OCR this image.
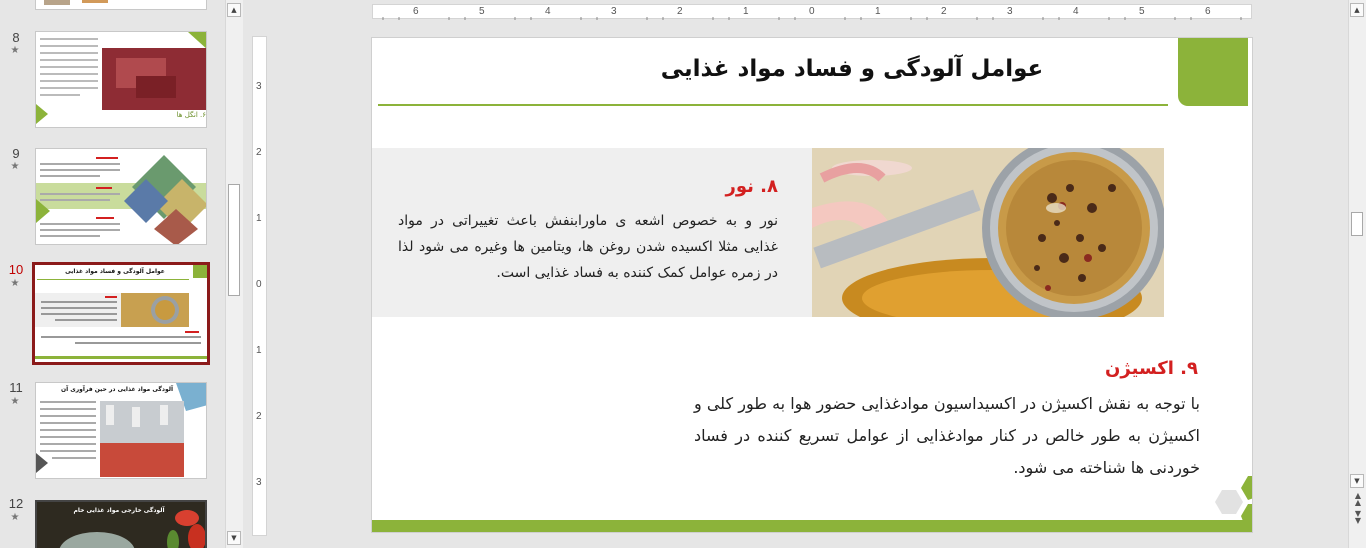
8
★
۶. انگل ها
9
★
10
★
عوامل آلودگی و فساد مواد غذایی
11
★
آلودگی مواد غذایی در حین فرآوری آن
12
★
آلودگی خارجی مواد غذایی خام
▲
▼
6	5	4	3	2	1	0	1	2	3	4	5	6
3
2
1
0
1
2
3
عوامل آلودگی و فساد مواد غذایی
۸. نور
نور و به خصوص اشعه ی ماورابنفش باعث تغییراتی در مواد غذایی مثلا اکسیده شدن روغن ها، ویتامین ها وغیره می شود لذا در زمره عوامل کمک کننده به فساد غذایی است.
۹. اکسیژن
با توجه به نقش اکسیژن در اکسیداسیون موادغذایی حضور هوا به طور کلی و اکسیژن به طور خالص در کنار موادغذایی از عوامل تسریع کننده در فساد خوردنی ها شناخته می شود.
▲
▼
▲
▲
▼
▼
